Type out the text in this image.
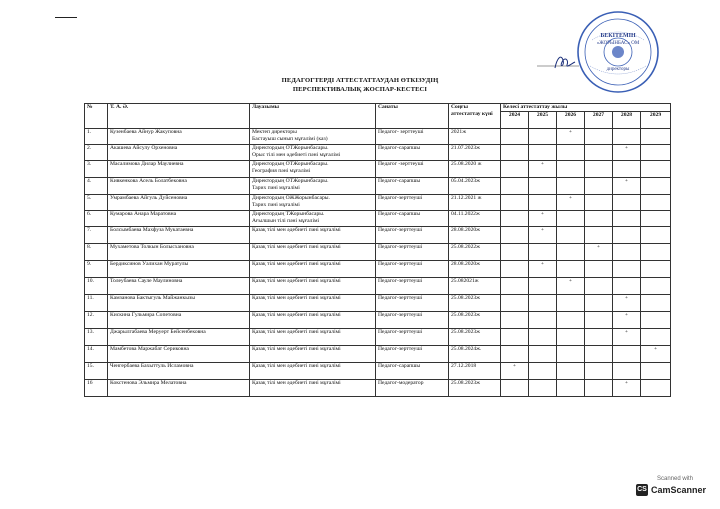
БЕКІТЕМІН
«ЖОРЫНБАС» ОМ
директоры
ПЕДАГОГТЕРДІ АТТЕСТАТТАУДАН ӨТКІЗУДІҢ
ПЕРСПЕКТИВАЛЫҚ ЖОСПАР-КЕСТЕСІ
№	Т. А. Ә.	Лауазымы	Санаты	Соңғы аттестаттау күні	Келесі аттестаттау жылы					
					2024	2025	2026	2027	2028	2029
1.	Кузенбаева Айнур Жакуповна	Мектеп директоры
Бастауыш сынып мұғалімі (каз)	Педагог- зерттеуші	2021ж			+			
2.	Акашева Айсулу Орхеновна	Директордың ОТЖорынбасары.
Орыс тілі мен әдебиеті пәні мұғалімі	Педагог-сарапшы	21.07.2023ж					+	
3.	Масалимова Дилар Маулиевна	Директордың ОТЖорынбасары.
География пәні мұғалімі	Педагог -зерттеуші	25.08.2020 ж		+				
4.	Кивкенкова Асель Болатбековна	Директордың ОТЖорынбасары.
Тарих пәні мұғалімі	Педагог-сарапшы	05.04.2023ж					+	
5.	Умрамбаева Айгуль Дуйсеновна	Директордың ОЖЖорынбасары.
Тарих пәні мұғалімі	Педагог-зерттеуші	21.12.2021 ж			+			
6.	Кумарова Анара Маратовна	Директордың ТЖорынбасары.
Ағылшын тілі пәні мұғалімі	Педагог-сарапшы	04.11.2022ж		+				
7.	Болсымбаева Махфуза Мукатаевна	Қазақ тілі мен әдебиеті пәні мұғалімі	Педагог-зерттеуші	28.08.2020ж		+				
8.	Мухаметова Толкын Болысхановна	Қазақ тілі мен әдебиеті пәні мұғалімі	Педагог-зерттеуші	25.08.2022ж				+		
9.	Бердиксинов Уалихан Муратулы	Қазақ тілі мен әдебиеті пәні мұғалімі	Педагог-зерттеуші	28.08.2020ж		+				
10.	Толеубаева Сауле Маулиновна	Қазақ тілі мен әдебиеті пәні мұғалімі	Педагог-зерттеуші	25.082021ж			+			
11.	Камзанова Бактыгуль Майжанкызы	Қазақ тілі мен әдебиеті пәні мұғалімі	Педагог-зерттеуші	25.08.2023ж					+	
12.	Кискина Гульмира Сопетовна	Қазақ тілі мен әдебиеті пәні мұғалімі	Педагог-зерттеуші	25.08.2023ж					+	
13.	Джарылгабаева Меруерт Бейсенбековна	Қазақ тілі мен әдебиеті пәні мұғалімі	Педагог-зерттеуші	25.08.2023ж					+	
14.	Мамбетова Маржабат Сериковна	Қазақ тілі мен әдебиеті пәні мұғалімі	Педагог-зерттеуші	25.08.2024ж.						+
15.	Ченгербаева Бахыттуль Исламовна	Қазақ тілі мен әдебиеті пәні мұғалімі	Педагог-сарапшы	27.12.2018	+					
16	Кокстенова Эльмира Мелатовна	Қазақ тілі мен әдебиеті пәні мұғалімі	Педагог-модератор	25.08.2023ж					+	
Scanned with
CS CamScanner
